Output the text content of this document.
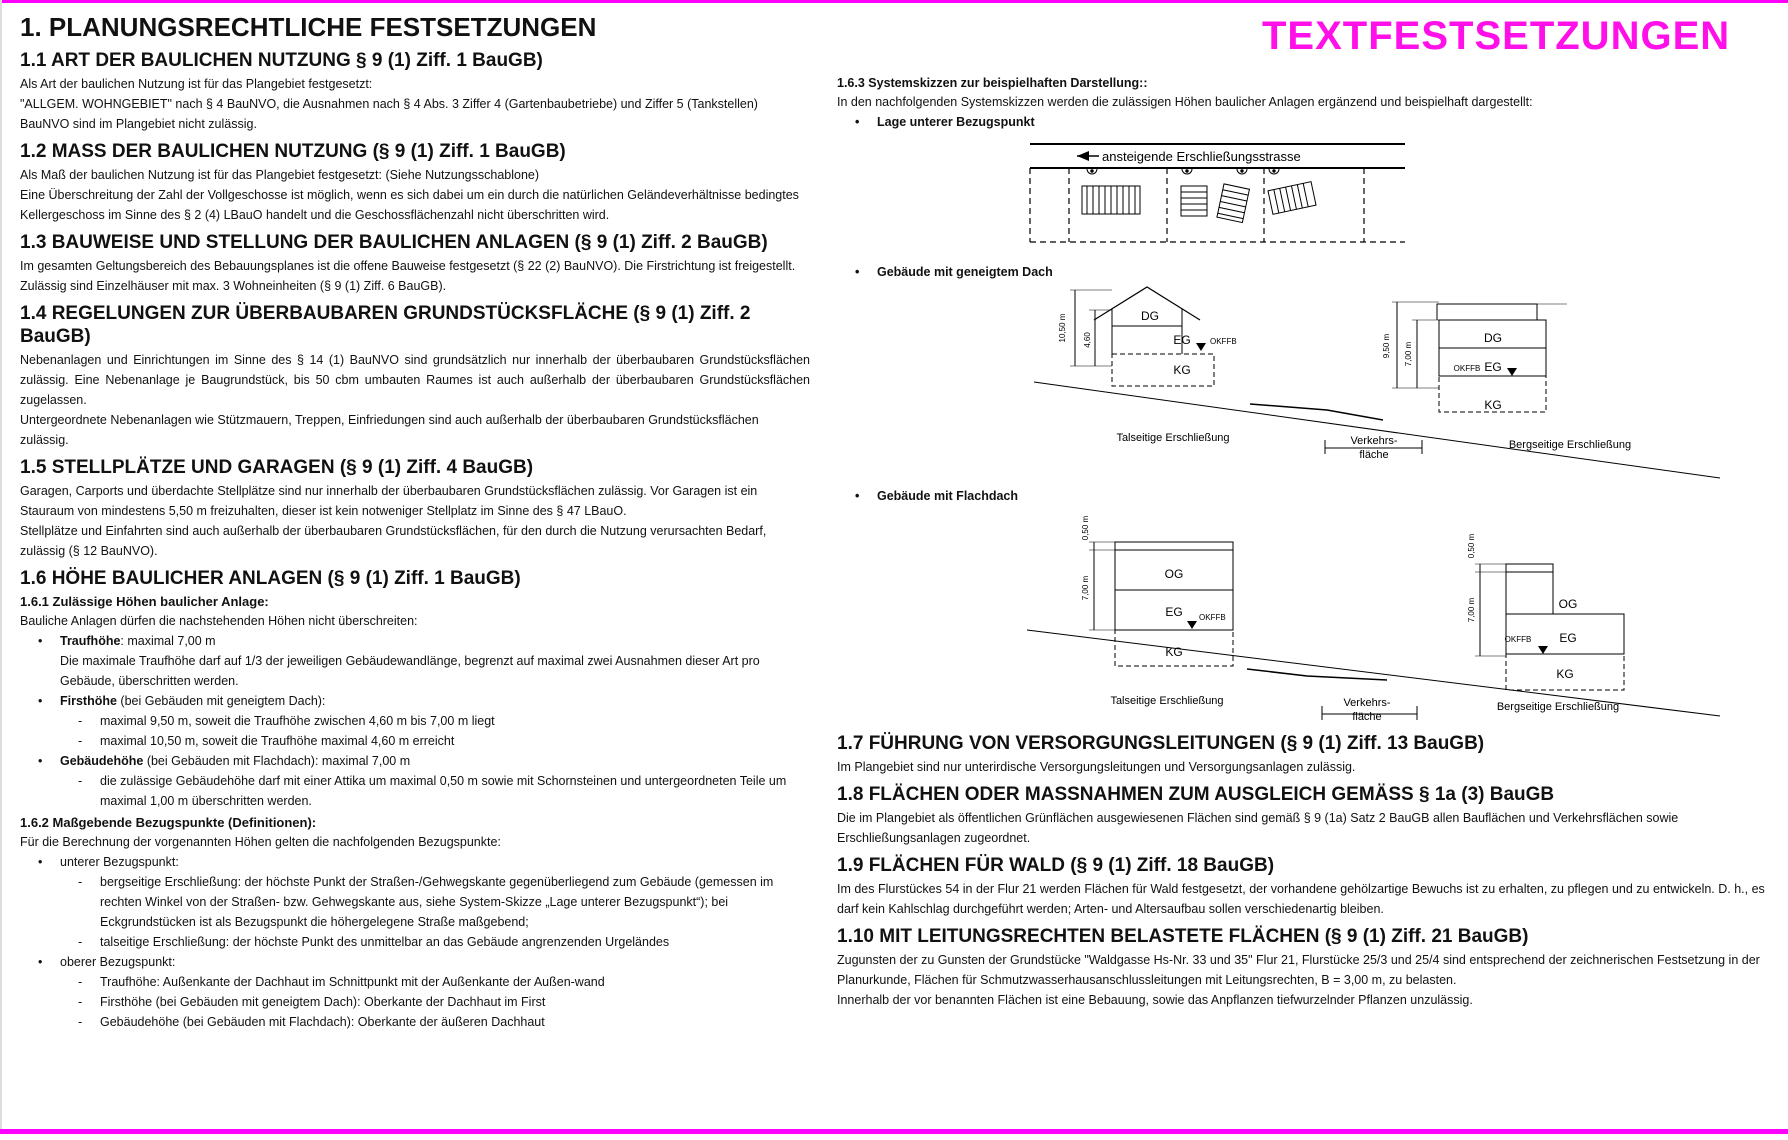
TEXTFESTSETZUNGEN
1. PLANUNGSRECHTLICHE FESTSETZUNGEN
1.1 ART DER BAULICHEN NUTZUNG § 9 (1) Ziff. 1 BauGB)

Als Art der baulichen Nutzung ist für das Plangebiet festgesetzt:

"ALLGEM. WOHNGEBIET" nach § 4 BauNVO, die Ausnahmen nach § 4 Abs. 3 Ziffer 4 (Gartenbaubetriebe) und Ziffer 5 (Tankstellen) BauNVO sind im Plangebiet nicht zulässig.

1.2 MASS DER BAULICHEN NUTZUNG (§ 9 (1) Ziff. 1 BauGB)

Als Maß der baulichen Nutzung ist für das Plangebiet festgesetzt: (Siehe Nutzungsschablone)

Eine Überschreitung der Zahl der Vollgeschosse ist möglich, wenn es sich dabei um ein durch die natürlichen Geländeverhältnisse bedingtes Kellergeschoss im Sinne des § 2 (4) LBauO handelt und die Geschossflächenzahl nicht überschritten wird.

1.3 BAUWEISE UND STELLUNG DER BAULICHEN ANLAGEN (§ 9 (1) Ziff. 2 BauGB)

Im gesamten Geltungsbereich des Bebauungsplanes ist die offene Bauweise festgesetzt (§ 22 (2) BauNVO). Die Firstrichtung ist freigestellt. Zulässig sind Einzelhäuser mit max. 3 Wohneinheiten (§ 9 (1) Ziff. 6 BauGB).

1.4 REGELUNGEN ZUR ÜBERBAUBAREN GRUNDSTÜCKSFLÄCHE (§ 9 (1) Ziff. 2 BauGB)

Nebenanlagen und Einrichtungen im Sinne des § 14 (1) BauNVO sind grundsätzlich nur innerhalb der überbaubaren Grundstücksflächen zulässig. Eine Nebenanlage je Baugrundstück, bis 50 cbm umbauten Raumes ist auch außerhalb der überbaubaren Grundstücksflächen zugelassen.

Untergeordnete Nebenanlagen wie Stützmauern, Treppen, Einfriedungen sind auch außerhalb der überbaubaren Grundstücksflächen zulässig.

1.5 STELLPLÄTZE UND GARAGEN (§ 9 (1) Ziff. 4 BauGB)

Garagen, Carports und überdachte Stellplätze sind nur innerhalb der überbaubaren Grundstücksflächen zulässig. Vor Garagen ist ein Stauraum von mindestens 5,50 m freizuhalten, dieser ist kein notweniger Stellplatz im Sinne des § 47 LBauO.

Stellplätze und Einfahrten sind auch außerhalb der überbaubaren Grundstücksflächen, für den durch die Nutzung verursachten Bedarf, zulässig (§ 12 BauNVO).

1.6 HÖHE BAULICHER ANLAGEN (§ 9 (1) Ziff. 1 BauGB)
1.6.1 Zulässige Höhen baulicher Anlage:

Bauliche Anlagen dürfen die nachstehenden Höhen nicht überschreiten:

• Traufhöhe: maximal 7,00 m
Die maximale Traufhöhe darf auf 1/3 der jeweiligen Gebäudewandlänge, begrenzt auf maximal zwei Ausnahmen dieser Art pro Gebäude, überschritten werden.
• Firsthöhe (bei Gebäuden mit geneigtem Dach):
- maximal 9,50 m, soweit die Traufhöhe zwischen 4,60 m bis 7,00 m liegt
- maximal 10,50 m, soweit die Traufhöhe maximal 4,60 m erreicht
• Gebäudehöhe (bei Gebäuden mit Flachdach): maximal 7,00 m
- die zulässige Gebäudehöhe darf mit einer Attika um maximal 0,50 m sowie mit Schornsteinen und untergeordneten Teile um maximal 1,00 m überschritten werden.
1.6.2 Maßgebende Bezugspunkte (Definitionen):

Für die Berechnung der vorgenannten Höhen gelten die nachfolgenden Bezugspunkte:

• unterer Bezugspunkt:
- bergseitige Erschließung: der höchste Punkt der Straßen-/Gehwegskante gegenüberliegend zum Gebäude (gemessen im rechten Winkel von der Straßen- bzw. Gehwegskante aus, siehe System-Skizze „Lage unterer Bezugspunkt“); bei Eckgrundstücken ist als Bezugspunkt die höhergelegene Straße maßgebend;
- talseitige Erschließung: der höchste Punkt des unmittelbar an das Gebäude angrenzenden Urgeländes
• oberer Bezugspunkt:
- Traufhöhe: Außenkante der Dachhaut im Schnittpunkt mit der Außenkante der Außen-wand
- Firsthöhe (bei Gebäuden mit geneigtem Dach): Oberkante der Dachhaut im First
- Gebäudehöhe (bei Gebäuden mit Flachdach): Oberkante der äußeren Dachhaut
1.6.3 Systemskizzen zur beispielhaften Darstellung::

In den nachfolgenden Systemskizzen werden die zulässigen Höhen baulicher Anlagen ergänzend und beispielhaft dargestellt:

• Lage unterer Bezugspunkt
ansteigende Erschließungsstrasse
• Gebäude mit geneigtem Dach
DG
EG OKFFB
KG
10,50 m 4,60	DG
EG
OKFFB
KG
9,50 m 7,00 m
Talseitige Erschließung	Verkehrs-
fläche
Bergseitige Erschließung
• Gebäude mit Flachdach
OG
EG OKFFB
KG
0,50 m
7,00 m
OG
EG
OKFFB
KG
0,50 m
7,00 m
Talseitige Erschließung	Verkehrs-
fläche
Bergseitige Erschließung
1.7 FÜHRUNG VON VERSORGUNGSLEITUNGEN (§ 9 (1) Ziff. 13 BauGB)

Im Plangebiet sind nur unterirdische Versorgungsleitungen und Versorgungsanlagen zulässig.

1.8 FLÄCHEN ODER MASSNAHMEN ZUM AUSGLEICH GEMÄSS § 1a (3) BauGB

Die im Plangebiet als öffentlichen Grünflächen ausgewiesenen Flächen sind gemäß § 9 (1a) Satz 2 BauGB allen Bauflächen und Verkehrsflächen sowie Erschließungsanlagen zugeordnet.

1.9 FLÄCHEN FÜR WALD (§ 9 (1) Ziff. 18 BauGB)

Im des Flurstückes 54 in der Flur 21 werden Flächen für Wald festgesetzt, der vorhandene gehölzartige Bewuchs ist zu erhalten, zu pflegen und zu entwickeln. D. h., es darf kein Kahlschlag durchgeführt werden; Arten- und Altersaufbau sollen verschiedenartig bleiben.

1.10 MIT LEITUNGSRECHTEN BELASTETE FLÄCHEN (§ 9 (1) Ziff. 21 BauGB)

Zugunsten der zu Gunsten der Grundstücke "Waldgasse Hs-Nr. 33 und 35" Flur 21, Flurstücke 25/3 und 25/4 sind entsprechend der zeichnerischen Festsetzung in der Planurkunde, Flächen für Schmutzwasserhausanschlussleitungen mit Leitungsrechten, B = 3,00 m, zu belasten.

Innerhalb der vor benannten Flächen ist eine Bebauung, sowie das Anpflanzen tiefwurzelnder Pflanzen unzulässig.
